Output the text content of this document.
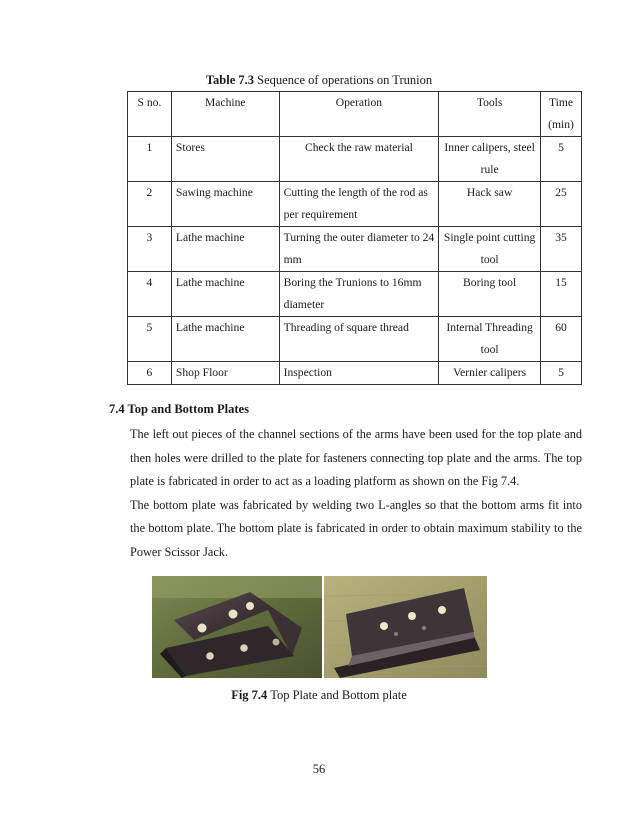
Table 7.3 Sequence of operations on Trunion
S no.	Machine	Operation	Tools	Time (min)
1	Stores	Check the raw material	Inner calipers, steel rule	5
2	Sawing machine	Cutting the length of the rod as per requirement	Hack saw	25
3	Lathe machine	Turning the outer diameter to 24 mm	Single point cutting tool	35
4	Lathe machine	Boring the Trunions to 16mm diameter	Boring tool	15
5	Lathe machine	Threading of square thread	Internal Threading tool	60
6	Shop Floor	Inspection	Vernier calipers	5
7.4 Top and Bottom Plates

The left out pieces of the channel sections of the arms have been used for the top plate and then holes were drilled to the plate for fasteners connecting top plate and the arms. The top plate is fabricated in order to act as a loading platform as shown on the Fig 7.4.

The bottom plate was fabricated by welding two L-angles so that the bottom arms fit into the bottom plate. The bottom plate is fabricated in order to obtain maximum stability to the Power Scissor Jack.

Fig 7.4 Top Plate and Bottom plate
56
